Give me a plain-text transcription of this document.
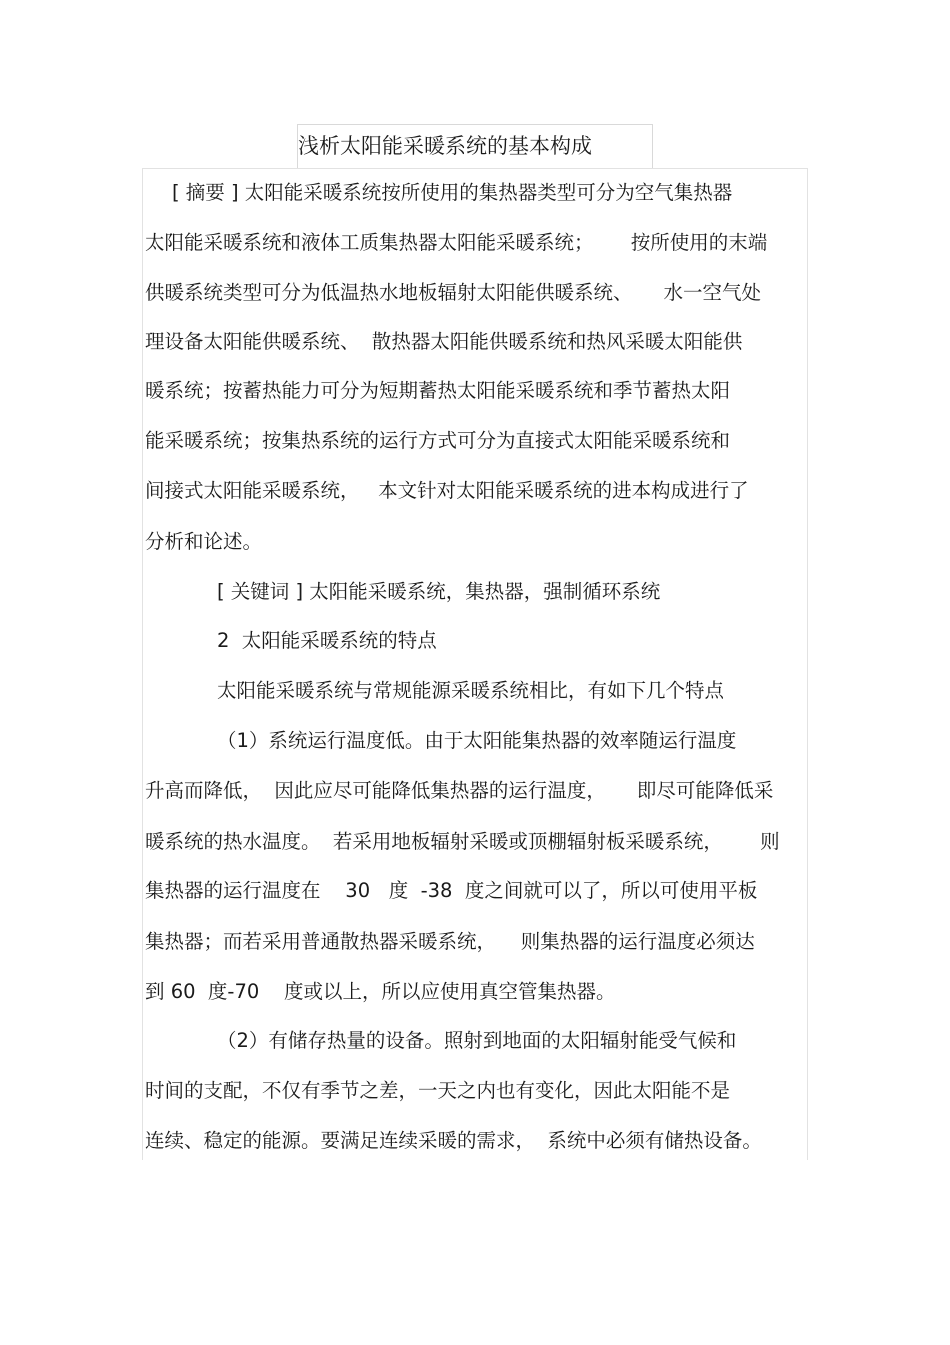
浅析太阳能采暖系统的基本构成
[ 摘要 ] 太阳能采暖系统按所使用的集热器类型可分为空气集热器
太阳能采暖系统和液体工质集热器太阳能采暖系统；      按所使用的末端
供暖系统类型可分为低温热水地板辐射太阳能供暖系统、     水一空气处
理设备太阳能供暖系统、  散热器太阳能供暖系统和热风采暖太阳能供
暖系统；按蓄热能力可分为短期蓄热太阳能采暖系统和季节蓄热太阳
能采暖系统；按集热系统的运行方式可分为直接式太阳能采暖系统和
间接式太阳能采暖系统，   本文针对太阳能采暖系统的进本构成进行了
分析和论述。
[ 关键词 ] 太阳能采暖系统，集热器，强制循环系统
2  太阳能采暖系统的特点
太阳能采暖系统与常规能源采暖系统相比，有如下几个特点
（1）系统运行温度低。由于太阳能集热器的效率随运行温度
升高而降低，  因此应尽可能降低集热器的运行温度，     即尽可能降低采
暖系统的热水温度。  若采用地板辐射采暖或顶棚辐射板采暖系统，      则
集热器的运行温度在    30   度  -38  度之间就可以了，所以可使用平板
集热器；而若采用普通散热器采暖系统，    则集热器的运行温度必须达
到 60  度-70    度或以上，所以应使用真空管集热器。
（2）有储存热量的设备。照射到地面的太阳辐射能受气候和
时间的支配，不仅有季节之差，一天之内也有变化，因此太阳能不是
连续、稳定的能源。要满足连续采暖的需求，  系统中必须有储热设备。
